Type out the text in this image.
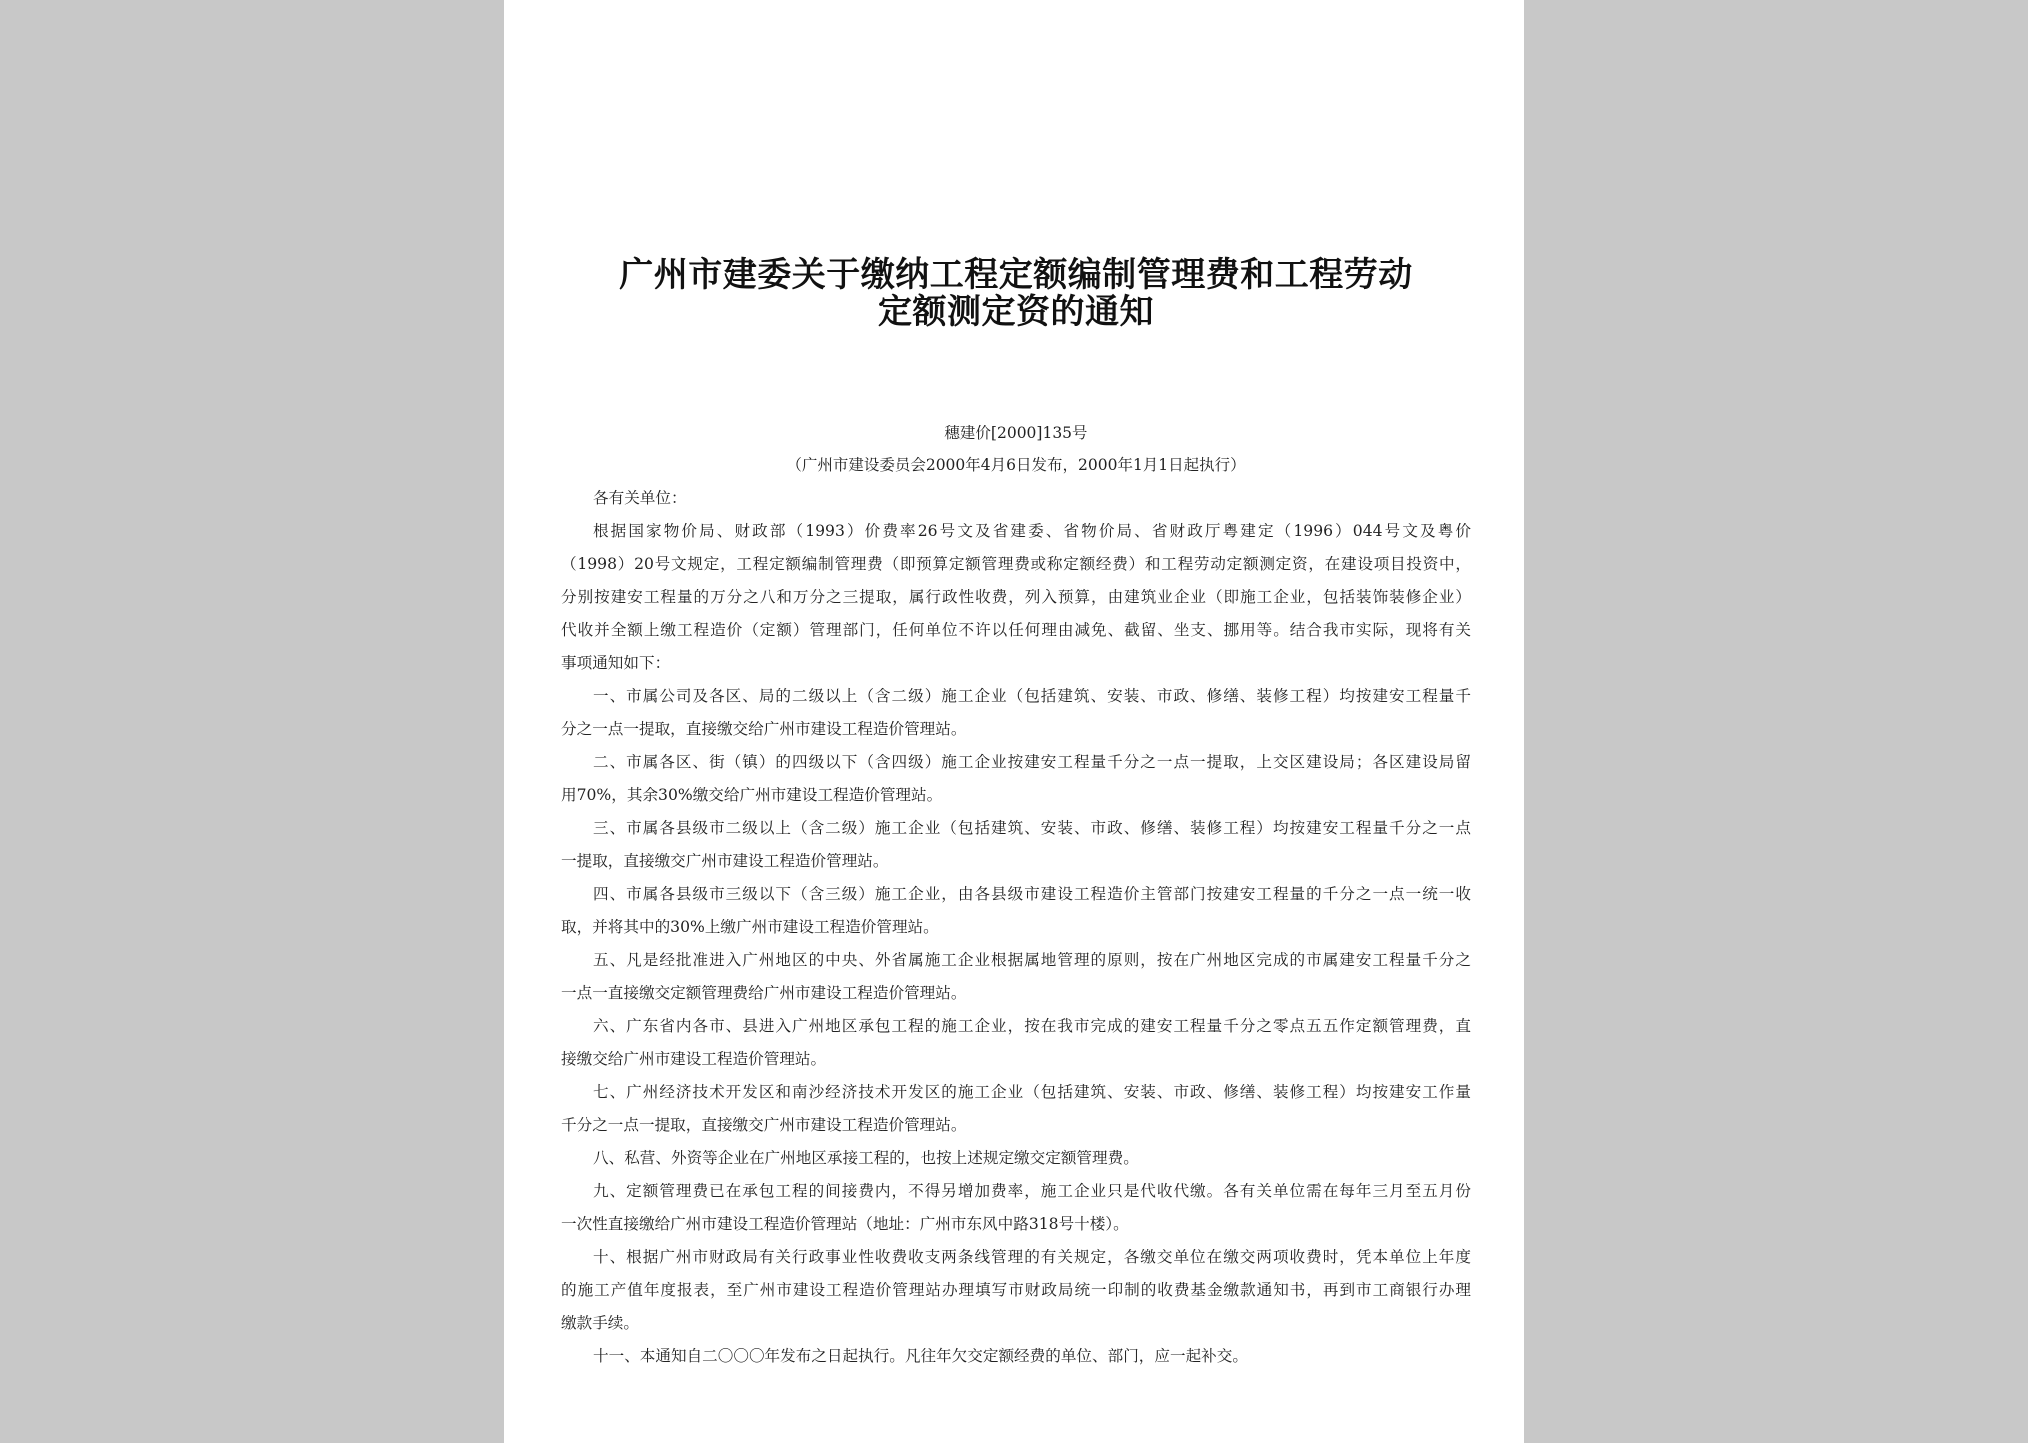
广州市建委关于缴纳工程定额编制管理费和工程劳动
定额测定资的通知
穗建价[2000]135号
（广州市建设委员会2000年4月6日发布，2000年1月1日起执行）
各有关单位：
根据国家物价局、财政部（1993）价费率26号文及省建委、省物价局、省财政厅粤建定（1996）044号文及粤价
（1998）20号文规定，工程定额编制管理费（即预算定额管理费或称定额经费）和工程劳动定额测定资，在建设项目投资中，
分别按建安工程量的万分之八和万分之三提取，属行政性收费，列入预算，由建筑业企业（即施工企业，包括装饰装修企业）
代收并全额上缴工程造价（定额）管理部门，任何单位不许以任何理由减免、截留、坐支、挪用等。结合我市实际，现将有关
事项通知如下：
一、市属公司及各区、局的二级以上（含二级）施工企业（包括建筑、安装、市政、修缮、装修工程）均按建安工程量千
分之一点一提取，直接缴交给广州市建设工程造价管理站。
二、市属各区、街（镇）的四级以下（含四级）施工企业按建安工程量千分之一点一提取，上交区建设局；各区建设局留
用70%，其余30%缴交给广州市建设工程造价管理站。
三、市属各县级市二级以上（含二级）施工企业（包括建筑、安装、市政、修缮、装修工程）均按建安工程量千分之一点
一提取，直接缴交广州市建设工程造价管理站。
四、市属各县级市三级以下（含三级）施工企业，由各县级市建设工程造价主管部门按建安工程量的千分之一点一统一收
取，并将其中的30%上缴广州市建设工程造价管理站。
五、凡是经批准进入广州地区的中央、外省属施工企业根据属地管理的原则，按在广州地区完成的市属建安工程量千分之
一点一直接缴交定额管理费给广州市建设工程造价管理站。
六、广东省内各市、县进入广州地区承包工程的施工企业，按在我市完成的建安工程量千分之零点五五作定额管理费，直
接缴交给广州市建设工程造价管理站。
七、广州经济技术开发区和南沙经济技术开发区的施工企业（包括建筑、安装、市政、修缮、装修工程）均按建安工作量
千分之一点一提取，直接缴交广州市建设工程造价管理站。
八、私营、外资等企业在广州地区承接工程的，也按上述规定缴交定额管理费。
九、定额管理费已在承包工程的间接费内，不得另增加费率，施工企业只是代收代缴。各有关单位需在每年三月至五月份
一次性直接缴给广州市建设工程造价管理站（地址：广州市东风中路318号十楼）。
十、根据广州市财政局有关行政事业性收费收支两条线管理的有关规定，各缴交单位在缴交两项收费时，凭本单位上年度
的施工产值年度报表，至广州市建设工程造价管理站办理填写市财政局统一印制的收费基金缴款通知书，再到市工商银行办理
缴款手续。
十一、本通知自二〇〇〇年发布之日起执行。凡往年欠交定额经费的单位、部门，应一起补交。
